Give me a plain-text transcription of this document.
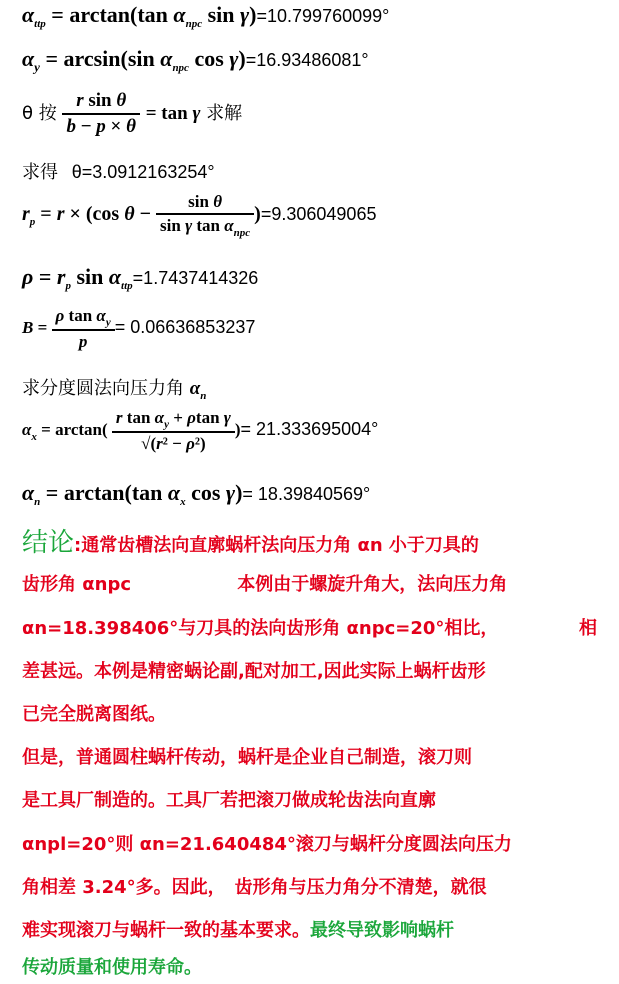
$\alpha_{ttp} = \arctan(\tan$ $\alpha_{npc}$ sin γ)=10.799760099°
$\alpha_y = \arcsin(\sin$ $\alpha_{npc}$ cos γ)=16.93486081°
θ 按 $\frac{\text{r sin θ}}{b - p \times \theta} = \tan \gamma$ 求解
求得 θ=3.0912163254°
$r_p = r \times (\cos$ $\theta - \frac{\text{sin θ}}{\sin \gamma \tan \alpha_{npc}} )=9.306049065$
$\rho = r_p$ $\sin \alpha_{ttp}=1.7437414326$
$B = \frac{\rho \tan \alpha_y}{p} = 0.06636853237$
求分度圆法向压力角 $\alpha_n$
$\alpha_x = \arctan( \frac{r \tan \alpha_y + \rho\tan \gamma}{\text{√(r² − ρ²)}}$ )= 21.333695004°
$\alpha_n = \arctan(\tan$ $\alpha_x$ cos γ)= 18.39840569°
结论:通常齿槽法向直廓蜗杆法向压力角 αn 小于刀具的
齿形角 αnpc	本例由于螺旋升角大，法向压力角
αn=18.398406°与刀具的法向齿形角 αnpc=20°相比，	相
差甚远。本例是精密蜗论副,配对加工,因此实际上蜗杆齿形
已完全脱离图纸。
但是，普通圆柱蜗杆传动，蜗杆是企业自己制造，滚刀则
是工具厂制造的。工具厂若把滚刀做成轮齿法向直廓
αnpl=20°则 αn=21.640484°滚刀与蜗杆分度圆法向压力
角相差 3.24°多。因此，　齿形角与压力角分不清楚，就很
难实现滚刀与蜗杆一致的基本要求。最终导致影响蜗杆
传动质量和使用寿命。
